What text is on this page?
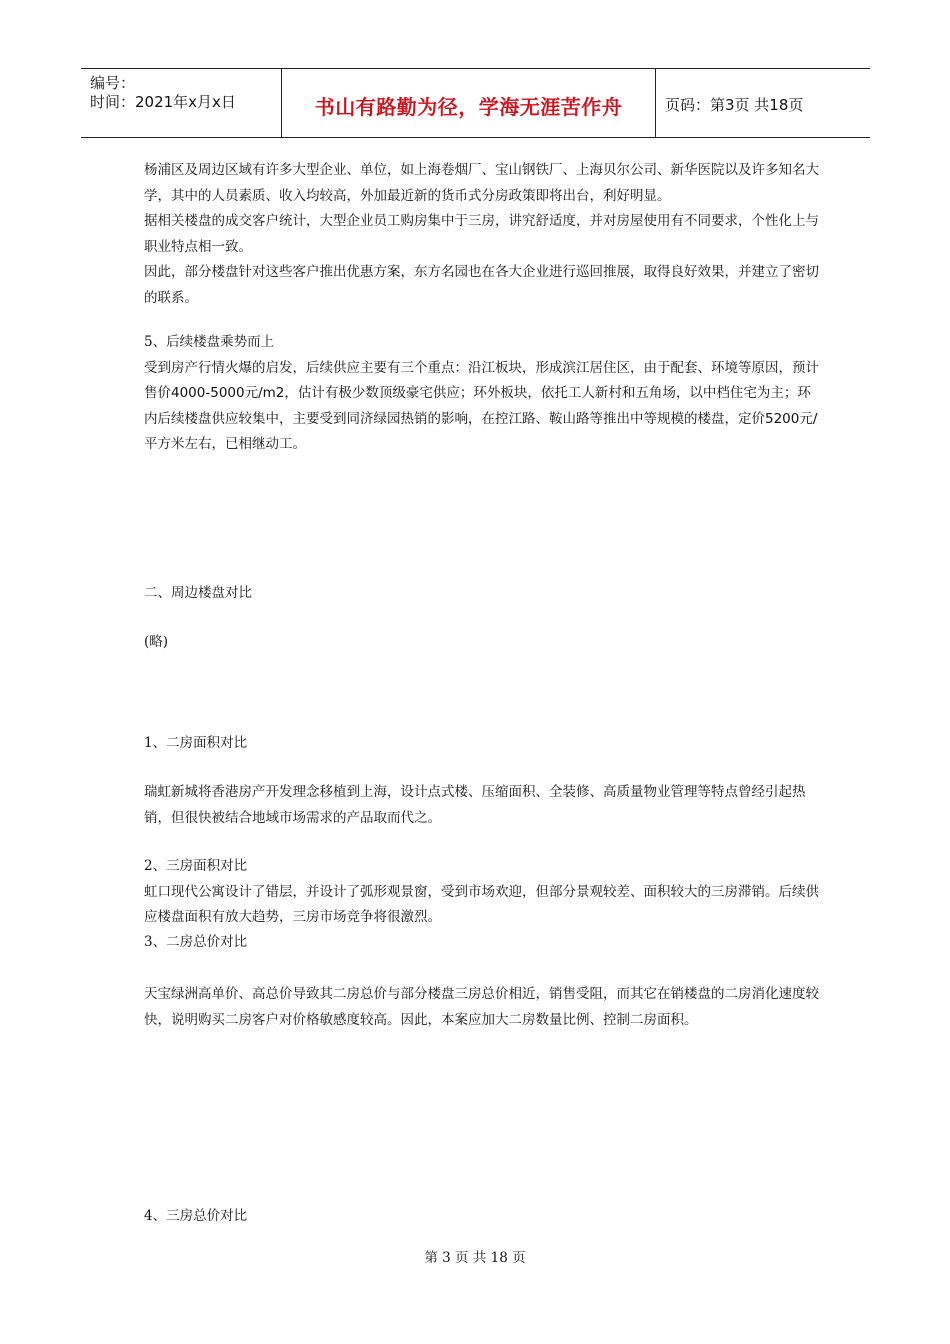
编号：
时间：2021年x月x日	书山有路勤为径，学海无涯苦作舟	页码：第3页 共18页

杨浦区及周边区域有许多大型企业、单位，如上海卷烟厂、宝山钢铁厂、上海贝尔公司、新华医院以及许多知名大学，其中的人员素质、收入均较高，外加最近新的货币式分房政策即将出台，利好明显。

据相关楼盘的成交客户统计，大型企业员工购房集中于三房，讲究舒适度，并对房屋使用有不同要求，个性化上与职业特点相一致。

因此，部分楼盘针对这些客户推出优惠方案，东方名园也在各大企业进行巡回推展，取得良好效果，并建立了密切的联系。

5、后续楼盘乘势而上

受到房产行情火爆的启发，后续供应主要有三个重点：沿江板块，形成滨江居住区，由于配套、环境等原因，预计售价4000-5000元/m2，估计有极少数顶级豪宅供应；环外板块，依托工人新村和五角场，以中档住宅为主；环内后续楼盘供应较集中，主要受到同济绿园热销的影响，在控江路、鞍山路等推出中等规模的楼盘，定价5200元/平方米左右，已相继动工。

二、周边楼盘对比
(略)
1、二房面积对比

瑞虹新城将香港房产开发理念移植到上海，设计点式楼、压缩面积、全装修、高质量物业管理等特点曾经引起热销，但很快被结合地域市场需求的产品取而代之。

2、三房面积对比

虹口现代公寓设计了错层，并设计了弧形观景窗，受到市场欢迎，但部分景观较差、面积较大的三房滞销。后续供应楼盘面积有放大趋势，三房市场竞争将很激烈。

3、二房总价对比

天宝绿洲高单价、高总价导致其二房总价与部分楼盘三房总价相近，销售受阻，而其它在销楼盘的二房消化速度较快，说明购买二房客户对价格敏感度较高。因此，本案应加大二房数量比例、控制二房面积。

4、三房总价对比
第 3 页 共 18 页
